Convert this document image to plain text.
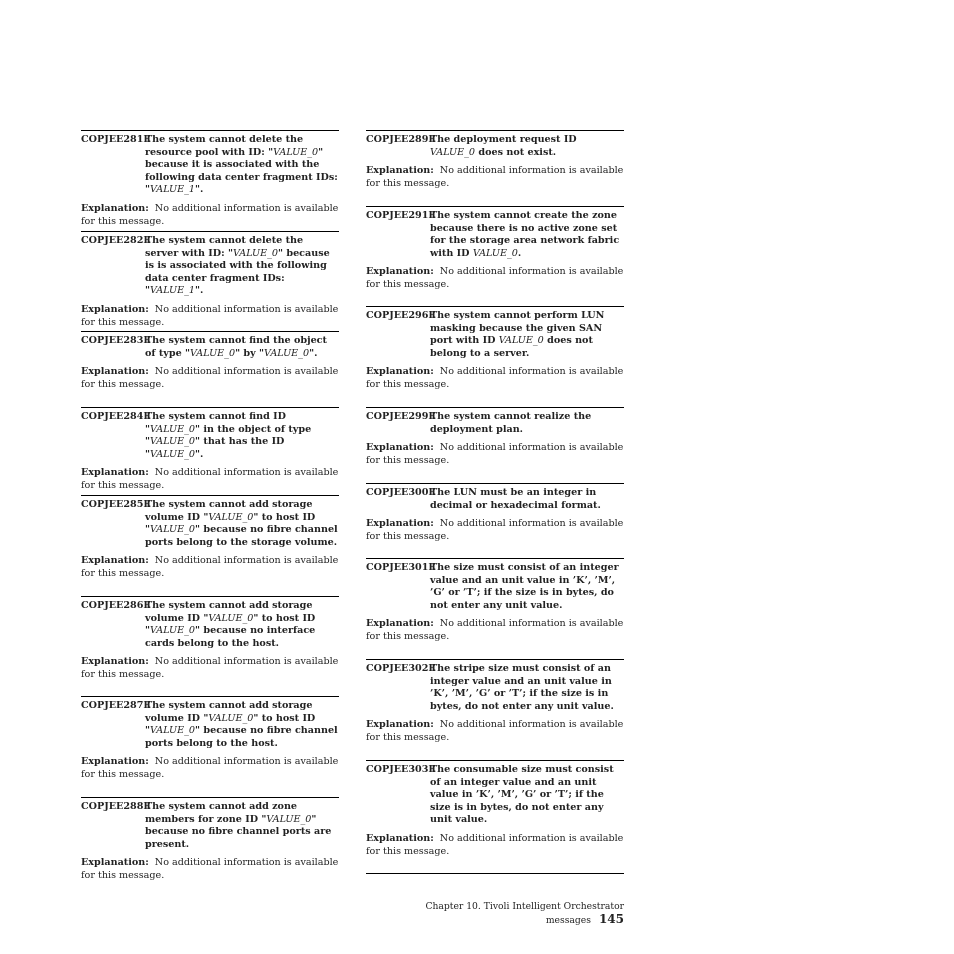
COPJEE281E
The system cannot delete the resource pool with ID: "VALUE_0" because it is associated with the following data center fragment IDs: "VALUE_1".
Explanation: No additional information is available for this message.
COPJEE282E
The system cannot delete the server with ID: "VALUE_0" because is is associated with the following data center fragment IDs: "VALUE_1".
Explanation: No additional information is available for this message.
COPJEE283E
The system cannot find the object of type "VALUE_0" by "VALUE_0".
Explanation: No additional information is available for this message.
COPJEE284E
The system cannot find ID "VALUE_0" in the object of type "VALUE_0" that has the ID "VALUE_0".
Explanation: No additional information is available for this message.
COPJEE285E
The system cannot add storage volume ID "VALUE_0" to host ID "VALUE_0" because no fibre channel ports belong to the storage volume.
Explanation: No additional information is available for this message.
COPJEE286E
The system cannot add storage volume ID "VALUE_0" to host ID "VALUE_0" because no interface cards belong to the host.
Explanation: No additional information is available for this message.
COPJEE287E
The system cannot add storage volume ID "VALUE_0" to host ID "VALUE_0" because no fibre channel ports belong to the host.
Explanation: No additional information is available for this message.
COPJEE288E
The system cannot add zone members for zone ID "VALUE_0" because no fibre channel ports are present.
Explanation: No additional information is available for this message.
COPJEE289E
The deployment request ID VALUE_0 does not exist.
Explanation: No additional information is available for this message.
COPJEE291E
The system cannot create the zone because there is no active zone set for the storage area network fabric with ID VALUE_0.
Explanation: No additional information is available for this message.
COPJEE296E
The system cannot perform LUN masking because the given SAN port with ID VALUE_0 does not belong to a server.
Explanation: No additional information is available for this message.
COPJEE299E
The system cannot realize the deployment plan.
Explanation: No additional information is available for this message.
COPJEE300E
The LUN must be an integer in decimal or hexadecimal format.
Explanation: No additional information is available for this message.
COPJEE301E
The size must consist of an integer value and an unit value in ’K’, ’M’, ’G’ or ’T’; if the size is in bytes, do not enter any unit value.
Explanation: No additional information is available for this message.
COPJEE302E
The stripe size must consist of an integer value and an unit value in ’K’, ’M’, ’G’ or ’T’; if the size is in bytes, do not enter any unit value.
Explanation: No additional information is available for this message.
COPJEE303E
The consumable size must consist of an integer value and an unit value in ’K’, ’M’, ’G’ or ’T’; if the size is in bytes, do not enter any unit value.
Explanation: No additional information is available for this message.
Chapter 10. Tivoli Intelligent Orchestrator messages 145
